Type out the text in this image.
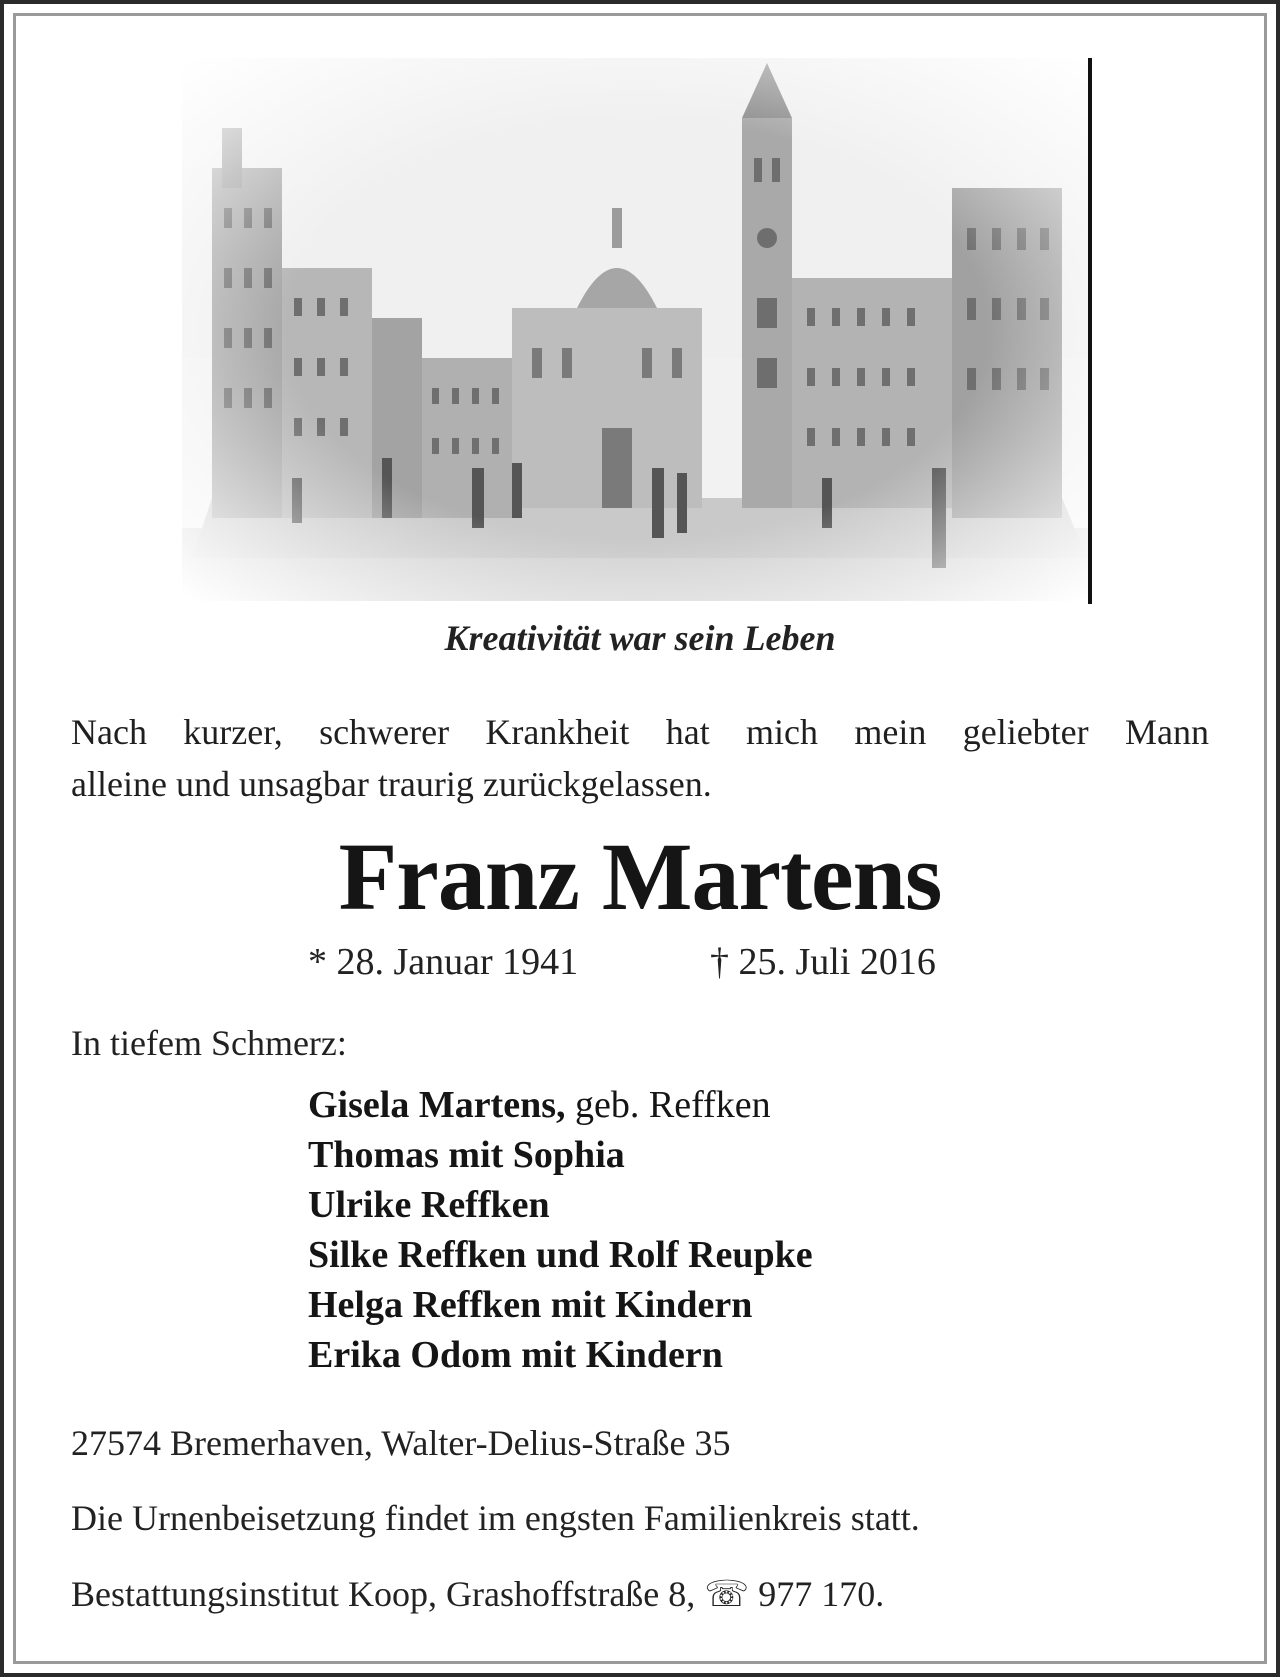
Kreativität war sein Leben
Nach kurzer, schwerer Krankheit hat mich mein geliebter Mann
alleine und unsagbar traurig zurückgelassen.
Franz Martens
* 28. Januar 1941	† 25. Juli 2016
In tiefem Schmerz:
Gisela Martens, geb. Reffken
Thomas mit Sophia
Ulrike Reffken
Silke Reffken und Rolf Reupke
Helga Reffken mit Kindern
Erika Odom mit Kindern
27574 Bremerhaven, Walter-Delius-Straße 35
Die Urnenbeisetzung findet im engsten Familienkreis statt.
Bestattungsinstitut Koop, Grashoffstraße 8, ☏ 977 170.
